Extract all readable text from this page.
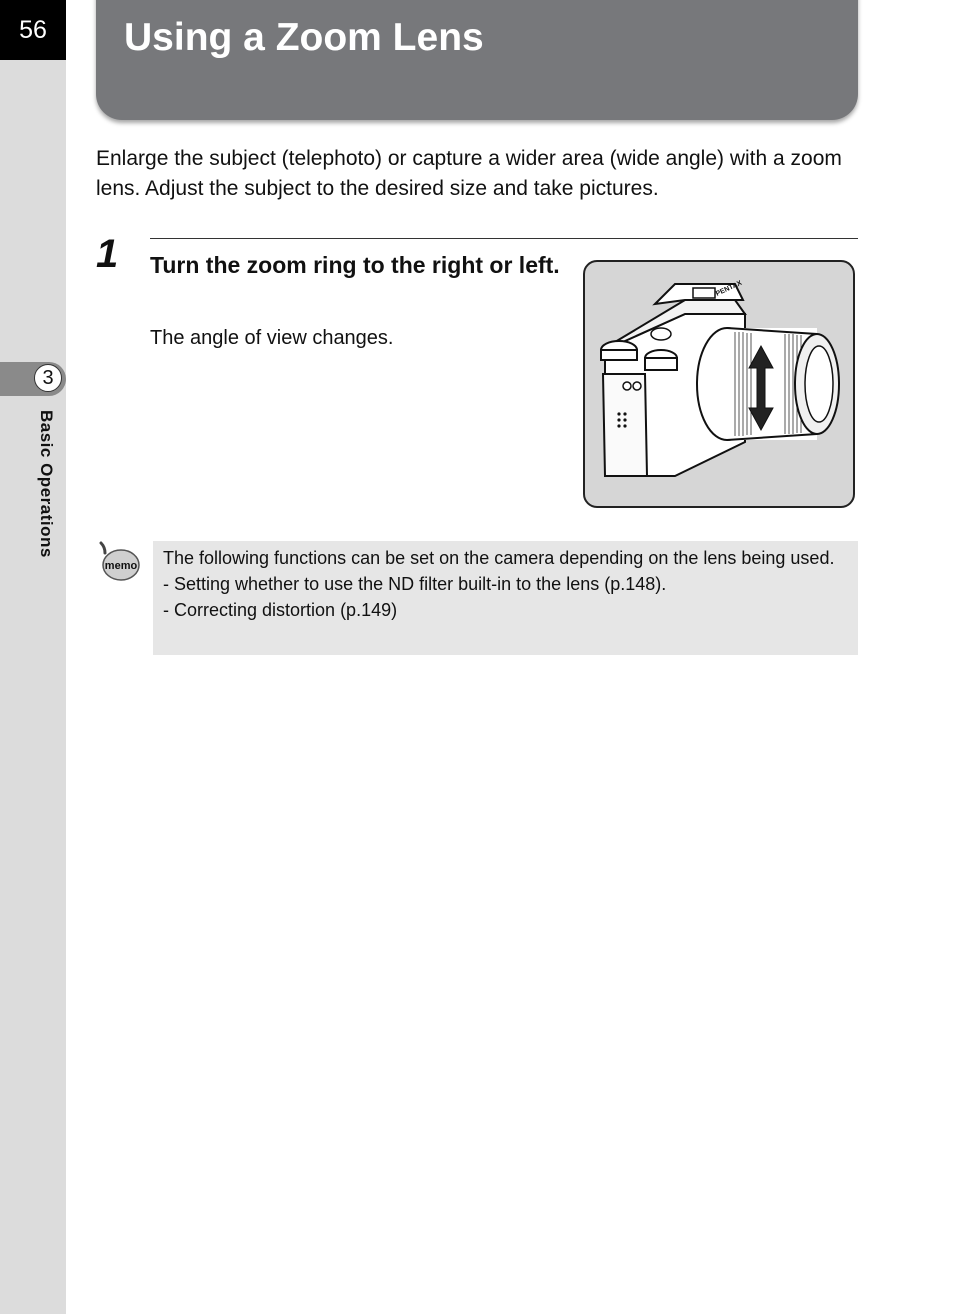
56
3
Basic Operations
Using a Zoom Lens
Enlarge the subject (telephoto) or capture a wider area (wide angle) with a zoom lens. Adjust the subject to the desired size and take pictures.
1 Turn the zoom ring to the right or left.
The angle of view changes.
PENTAX
memo The following functions can be set on the camera depending on the lens being used.
- Setting whether to use the ND filter built-in to the lens (p.148).
- Correcting distortion (p.149)
